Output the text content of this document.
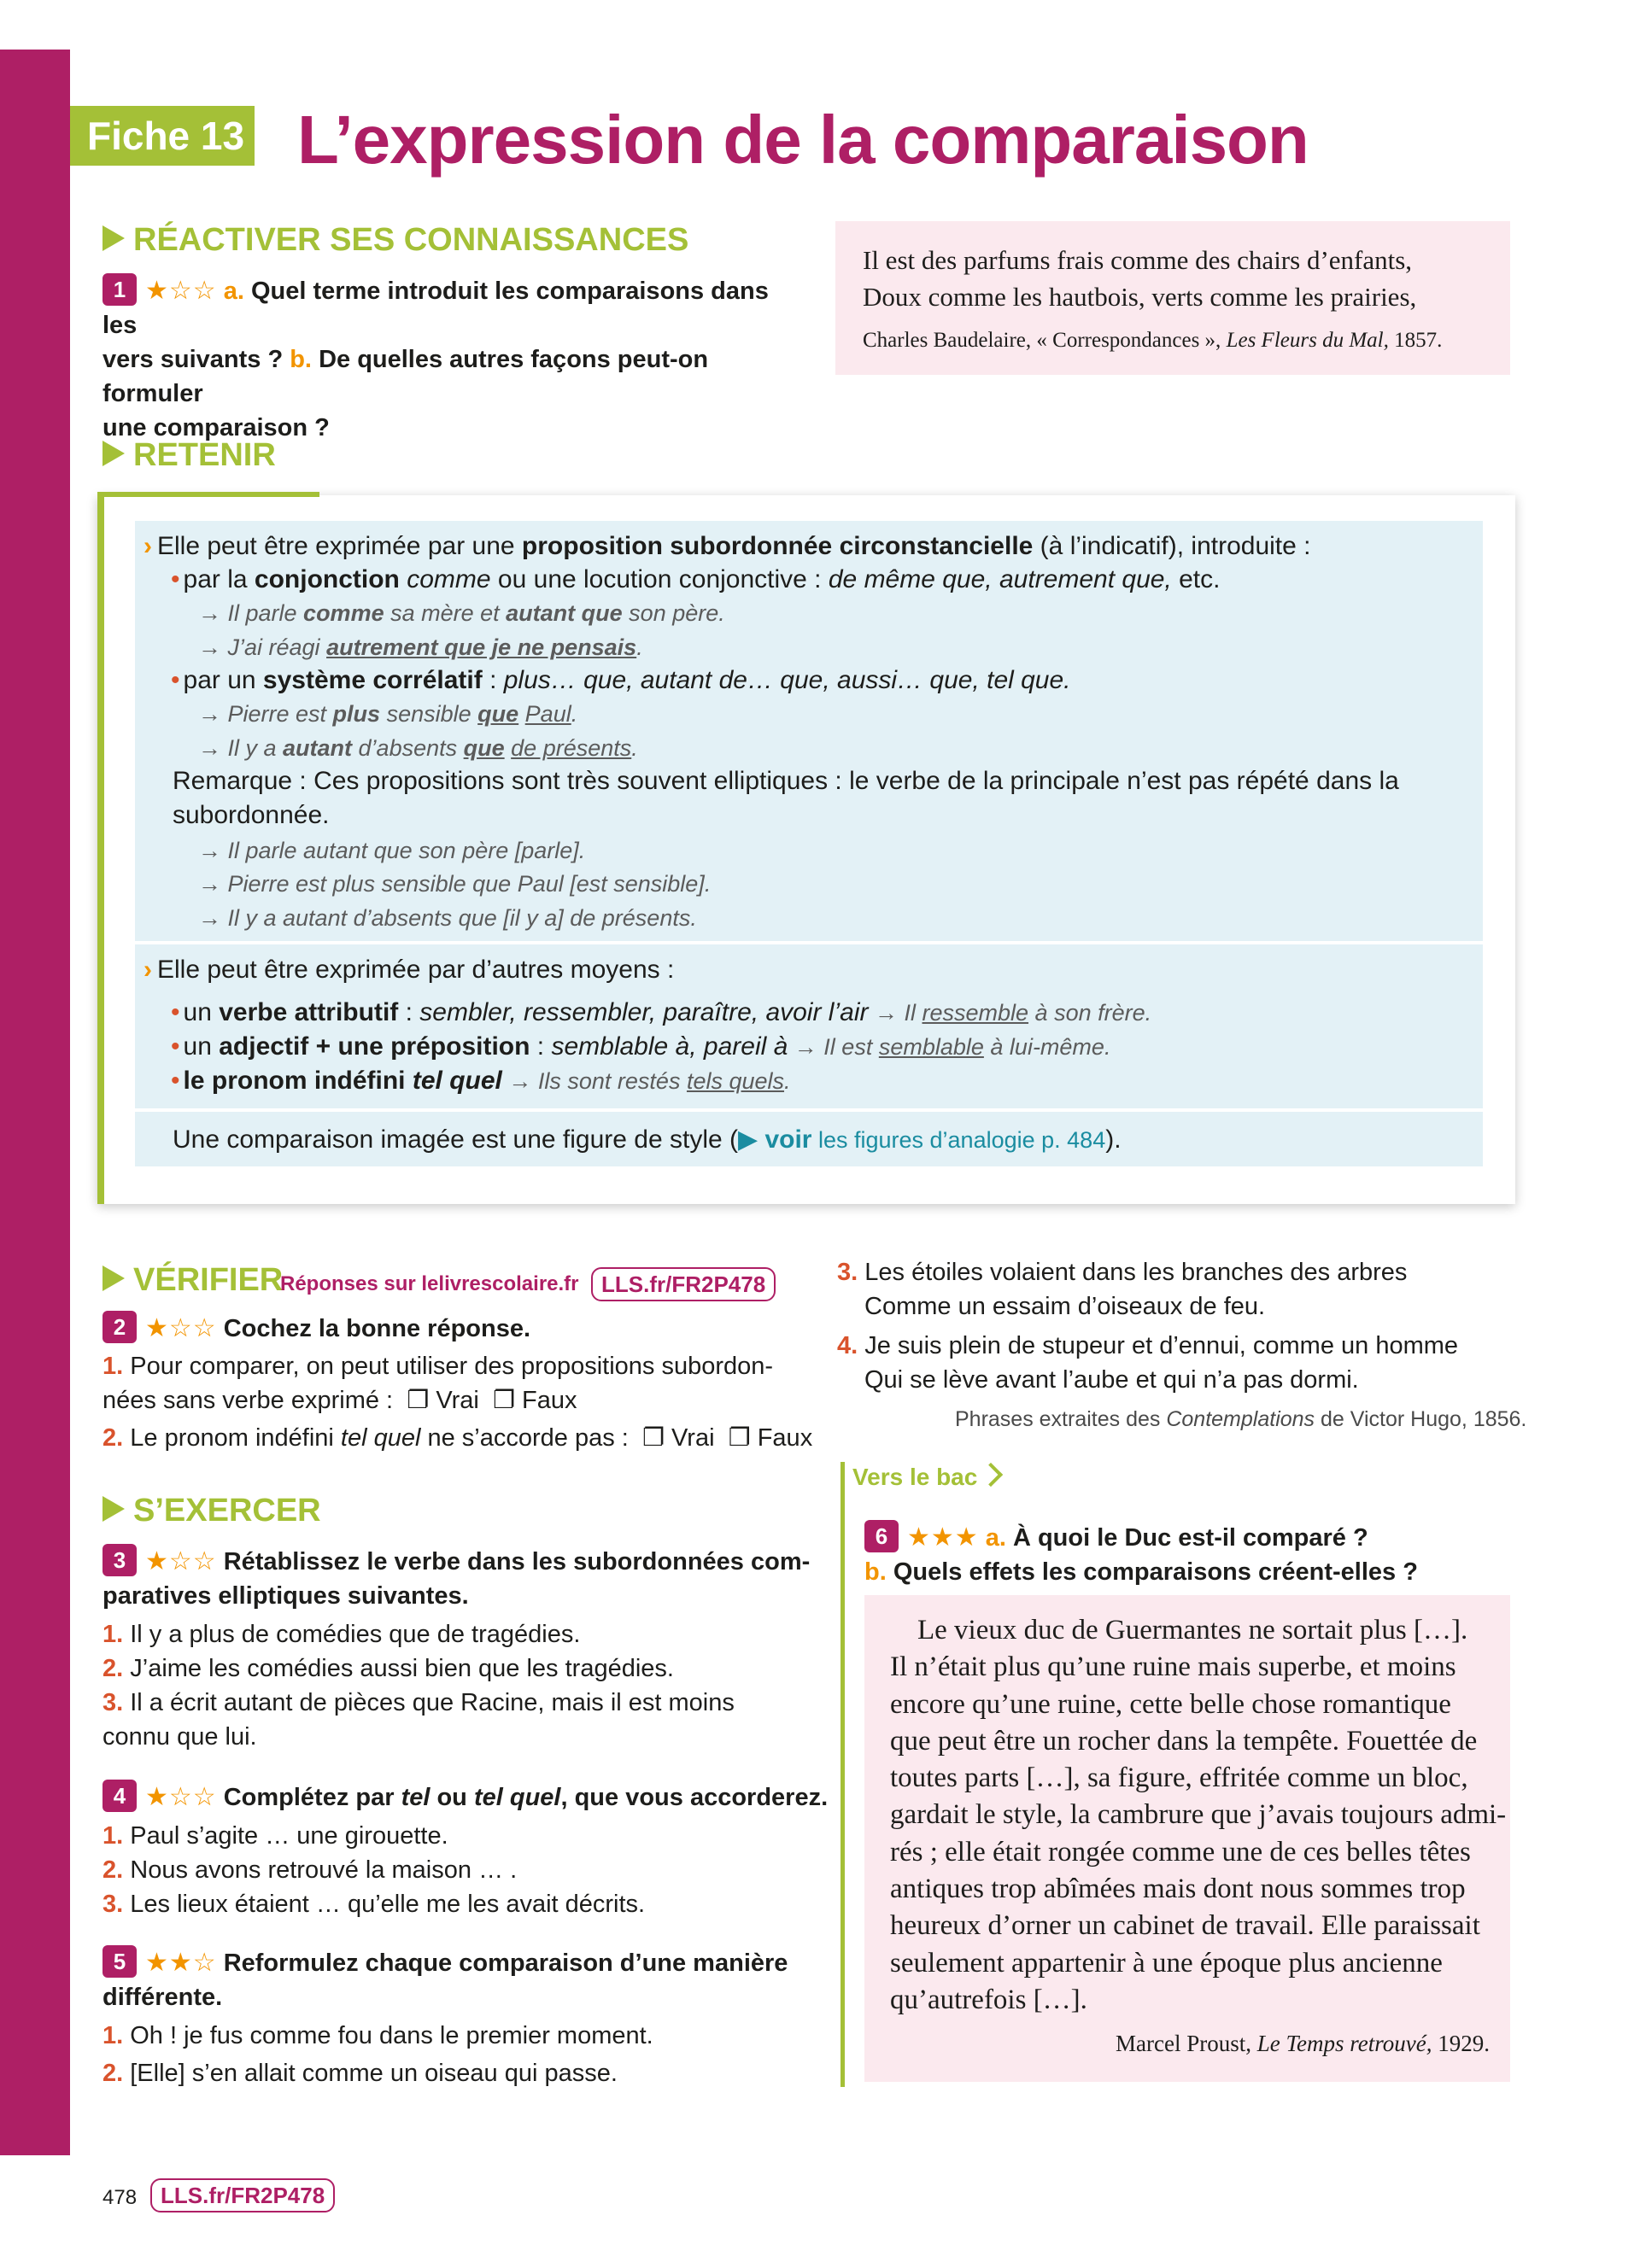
Fiche 13 L’expression de la comparaison
RÉACTIVER SES CONNAISSANCES
1 ★☆☆ a. Quel terme introduit les comparaisons dans les
vers suivants ? b. De quelles autres façons peut-on formuler
une comparaison ?
Il est des parfums frais comme des chairs d’enfants,
Doux comme les hautbois, verts comme les prairies,
Charles Baudelaire, « Correspondances », Les Fleurs du Mal, 1857.
RETENIR
› Elle peut être exprimée par une proposition subordonnée circonstancielle (à l’indicatif), introduite :
• par la conjonction comme ou une locution conjonctive : de même que, autrement que, etc.
→ Il parle comme sa mère et autant que son père.
→ J’ai réagi autrement que je ne pensais.
• par un système corrélatif : plus… que, autant de… que, aussi… que, tel que.
→ Pierre est plus sensible que Paul.
→ Il y a autant d’absents que de présents.
Remarque : Ces propositions sont très souvent elliptiques : le verbe de la principale n’est pas répété dans la
subordonnée.
→ Il parle autant que son père [parle].
→ Pierre est plus sensible que Paul [est sensible].
→ Il y a autant d’absents que [il y a] de présents.
› Elle peut être exprimée par d’autres moyens :
• un verbe attributif : sembler, ressembler, paraître, avoir l’air → Il ressemble à son frère.
• un adjectif + une préposition : semblable à, pareil à → Il est semblable à lui-même.
• le pronom indéfini tel quel → Ils sont restés tels quels.
Une comparaison imagée est une figure de style (▶ voir les figures d’analogie p. 484).
VÉRIFIER
Réponses sur lelivrescolaire.fr	LLS.fr/FR2P478
2 ★☆☆ Cochez la bonne réponse.
1. Pour comparer, on peut utiliser des propositions subordon-
nées sans verbe exprimé : ❐ Vrai ❐ Faux
2. Le pronom indéfini tel quel ne s’accorde pas : ❐ Vrai ❐ Faux
S’EXERCER
3 ★☆☆ Rétablissez le verbe dans les subordonnées com-
paratives elliptiques suivantes.
1. Il y a plus de comédies que de tragédies.
2. J’aime les comédies aussi bien que les tragédies.
3. Il a écrit autant de pièces que Racine, mais il est moins
connu que lui.
4 ★☆☆ Complétez par tel ou tel quel, que vous accorderez.
1. Paul s’agite … une girouette.
2. Nous avons retrouvé la maison … .
3. Les lieux étaient … qu’elle me les avait décrits.
5 ★★☆ Reformulez chaque comparaison d’une manière
différente.
1. Oh ! je fus comme fou dans le premier moment.
2. [Elle] s’en allait comme un oiseau qui passe.
3. Les étoiles volaient dans les branches des arbres
Comme un essaim d’oiseaux de feu.
4. Je suis plein de stupeur et d’ennui, comme un homme
Qui se lève avant l’aube et qui n’a pas dormi.
Phrases extraites des Contemplations de Victor Hugo, 1856.
Vers le bac
6 ★★★ a. À quoi le Duc est-il comparé ?
b. Quels effets les comparaisons créent-elles ?
Le vieux duc de Guermantes ne sortait plus […].
Il n’était plus qu’une ruine mais superbe, et moins
encore qu’une ruine, cette belle chose romantique
que peut être un rocher dans la tempête. Fouettée de
toutes parts […], sa figure, effritée comme un bloc,
gardait le style, la cambrure que j’avais toujours admi-
rés ; elle était rongée comme une de ces belles têtes
antiques trop abîmées mais dont nous sommes trop
heureux d’orner un cabinet de travail. Elle paraissait
seulement appartenir à une époque plus ancienne
qu’autrefois […].
Marcel Proust, Le Temps retrouvé, 1929.
478	LLS.fr/FR2P478
